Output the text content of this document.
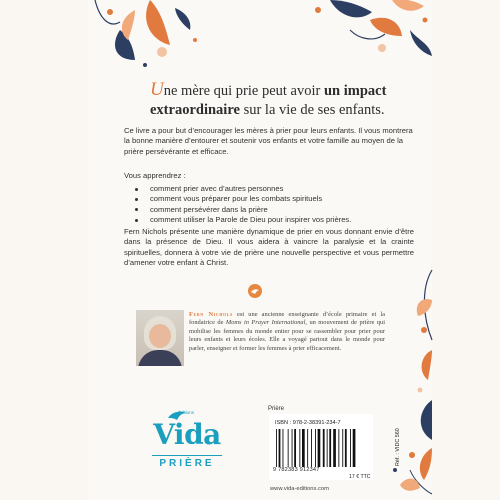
Une mère qui prie peut avoir un impact extraordinaire sur la vie de ses enfants.
Ce livre a pour but d’encourager les mères à prier pour leurs enfants. Il vous montrera la bonne manière d’entourer et soutenir vos enfants et votre famille au moyen de la prière persévérante et efficace.
Vous apprendrez :
comment prier avec d’autres personnes
comment vous préparer pour les combats spirituels
comment persévérer dans la prière
comment utiliser la Parole de Dieu pour inspirer vos prières.
Fern Nichols présente une manière dynamique de prier en vous donnant envie d’être dans la présence de Dieu. Il vous aidera à vaincre la paralysie et la crainte spirituelles, donnera à votre vie de prière une nouvelle perspective et vous permettre d’amener votre enfant à Christ.
Fern Nichols est une ancienne enseignante d’école primaire et la fondatrice de Moms in Prayer International, un mouvement de prière qui mobilise les femmes du monde entier pour se rassembler pour prier pour leurs enfants et leurs écoles. Elle a voyagé partout dans le monde pour parler, enseigner et former les femmes à prier efficacement.
Éditions
Vida
PRIÈRE
Prière
ISBN : 978-2-38391-234-7
9 782383 912347
17 € TTC
Réf. : VIDC 560
www.vida-editions.com
